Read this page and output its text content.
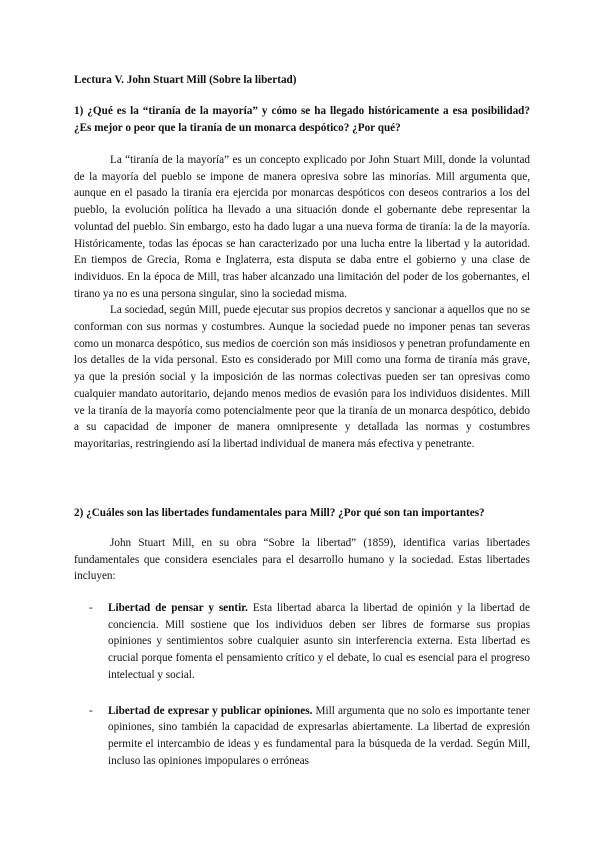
Lectura V. John Stuart Mill (Sobre la libertad)
1) ¿Qué es la “tiranía de la mayoría” y cómo se ha llegado históricamente a esa posibilidad? ¿Es mejor o peor que la tiranía de un monarca despótico? ¿Por qué?

La “tiranía de la mayoría” es un concepto explicado por John Stuart Mill, donde la voluntad de la mayoría del pueblo se impone de manera opresiva sobre las minorías. Mill argumenta que, aunque en el pasado la tiranía era ejercida por monarcas despóticos con deseos contrarios a los del pueblo, la evolución política ha llevado a una situación donde el gobernante debe representar la voluntad del pueblo. Sin embargo, esto ha dado lugar a una nueva forma de tiranía: la de la mayoría. Históricamente, todas las épocas se han caracterizado por una lucha entre la libertad y la autoridad. En tiempos de Grecia, Roma e Inglaterra, esta disputa se daba entre el gobierno y una clase de individuos. En la época de Mill, tras haber alcanzado una limitación del poder de los gobernantes, el tirano ya no es una persona singular, sino la sociedad misma.

La sociedad, según Mill, puede ejecutar sus propios decretos y sancionar a aquellos que no se conforman con sus normas y costumbres. Aunque la sociedad puede no imponer penas tan severas como un monarca despótico, sus medios de coerción son más insidiosos y penetran profundamente en los detalles de la vida personal. Esto es considerado por Mill como una forma de tiranía más grave, ya que la presión social y la imposición de las normas colectivas pueden ser tan opresivas como cualquier mandato autoritario, dejando menos medios de evasión para los individuos disidentes. Mill ve la tiranía de la mayoría como potencialmente peor que la tiranía de un monarca despótico, debido a su capacidad de imponer de manera omnipresente y detallada las normas y costumbres mayoritarias, restringiendo así la libertad individual de manera más efectiva y penetrante.

2) ¿Cuáles son las libertades fundamentales para Mill? ¿Por qué son tan importantes?

John Stuart Mill, en su obra “Sobre la libertad” (1859), identifica varias libertades fundamentales que considera esenciales para el desarrollo humano y la sociedad. Estas libertades incluyen:

- Libertad de pensar y sentir. Esta libertad abarca la libertad de opinión y la libertad de conciencia. Mill sostiene que los individuos deben ser libres de formarse sus propias opiniones y sentimientos sobre cualquier asunto sin interferencia externa. Esta libertad es crucial porque fomenta el pensamiento crítico y el debate, lo cual es esencial para el progreso intelectual y social.
- Libertad de expresar y publicar opiniones. Mill argumenta que no solo es importante tener opiniones, sino también la capacidad de expresarlas abiertamente. La libertad de expresión permite el intercambio de ideas y es fundamental para la búsqueda de la verdad. Según Mill, incluso las opiniones impopulares o erróneas
